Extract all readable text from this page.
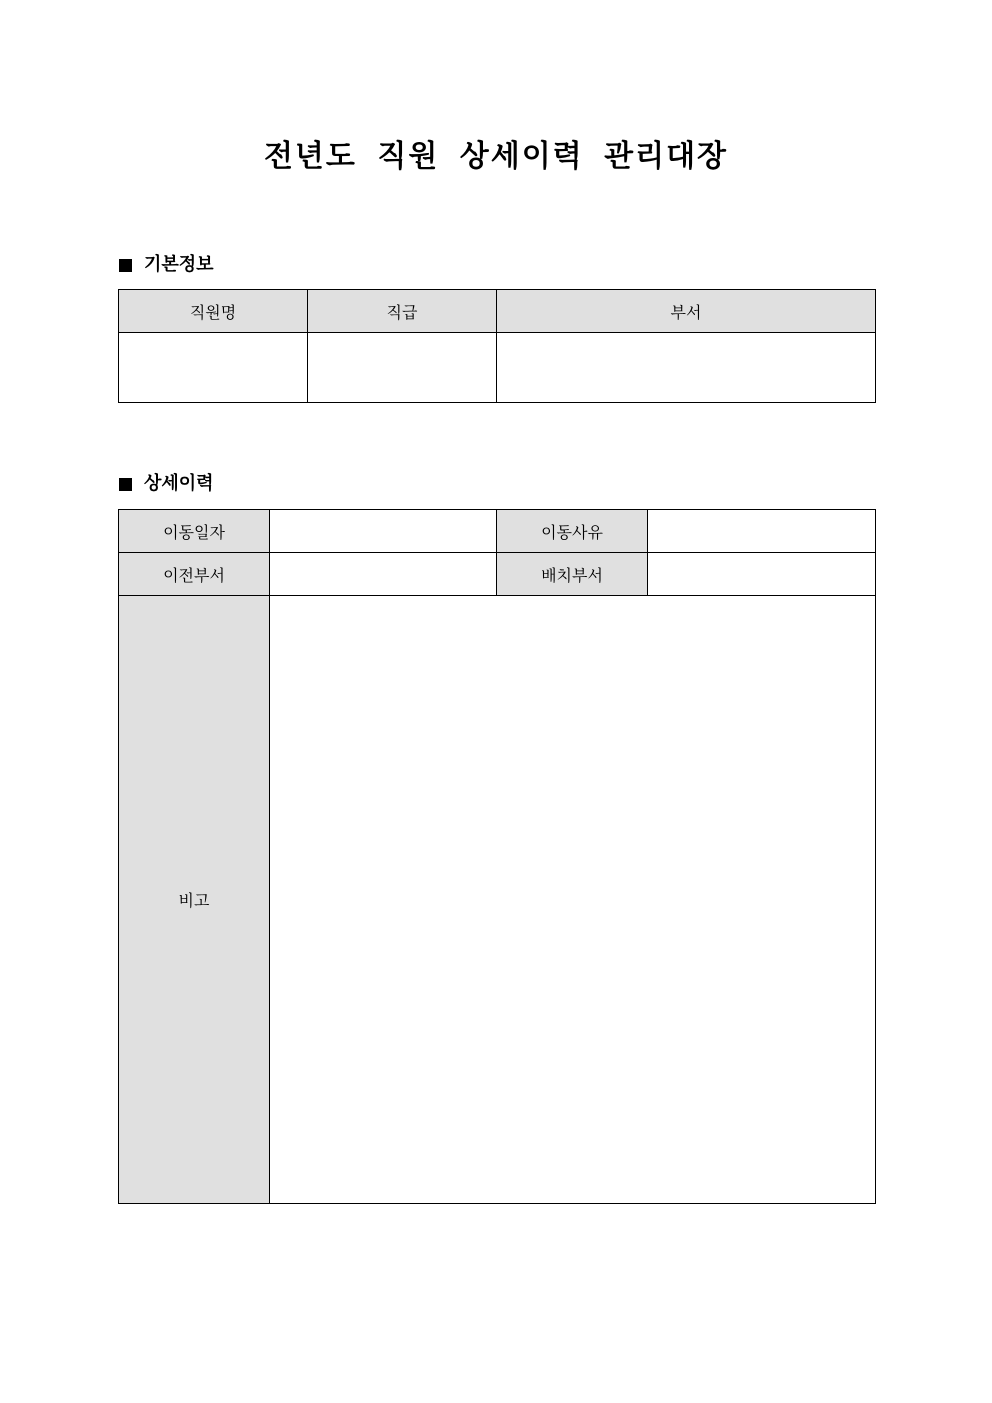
전년도 직원 상세이력 관리대장
기본정보
직원명	직급	부서

상세이력
이동일자		이동사유	
이전부서		배치부서	
비고			
